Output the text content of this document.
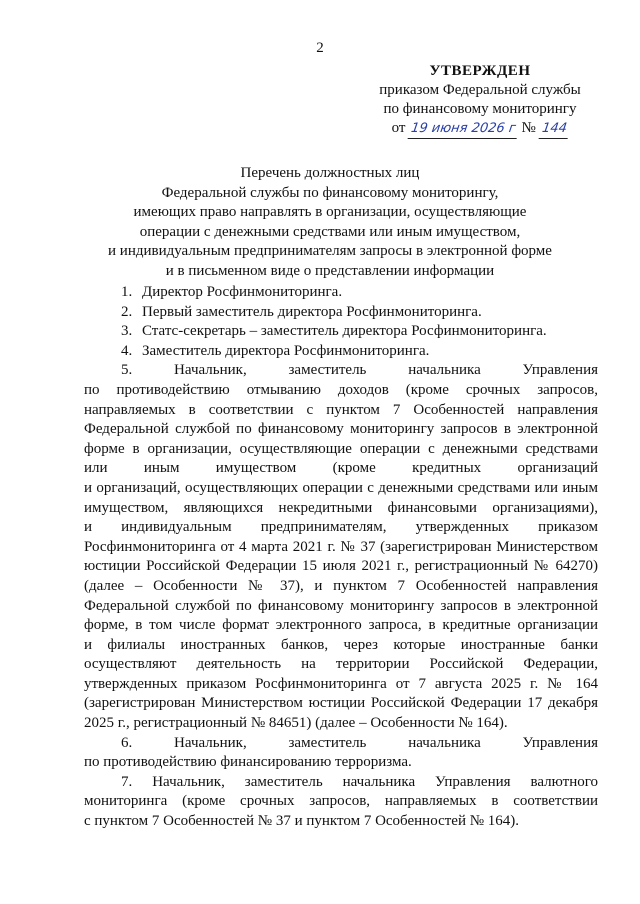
2
УТВЕРЖДЕН
приказом Федеральной службы
по финансовому мониторингу
от 19 июня 2026 г № 144
Перечень должностных лиц
Федеральной службы по финансовому мониторингу,
имеющих право направлять в организации, осуществляющие
операции с денежными средствами или иным имуществом,
и индивидуальным предпринимателям запросы в электронной форме
и в письменном виде о представлении информации
1. Директор Росфинмониторинга.
2. Первый заместитель директора Росфинмониторинга.
3. Статс-секретарь – заместитель директора Росфинмониторинга.
4. Заместитель директора Росфинмониторинга.
5. Начальник, заместитель начальника Управления
по противодействию отмыванию доходов (кроме срочных запросов,
направляемых в соответствии с пунктом 7 Особенностей направления
Федеральной службой по финансовому мониторингу запросов в электронной
форме в организации, осуществляющие операции с денежными средствами
или иным имуществом (кроме кредитных организаций
и организаций, осуществляющих операции с денежными средствами или иным
имуществом, являющихся некредитными финансовыми организациями),
и индивидуальным предпринимателям, утвержденных приказом
Росфинмониторинга от 4 марта 2021 г. № 37 (зарегистрирован Министерством
юстиции Российской Федерации 15 июля 2021 г., регистрационный № 64270)
(далее – Особенности № 37), и пунктом 7 Особенностей направления
Федеральной службой по финансовому мониторингу запросов в электронной
форме, в том числе формат электронного запроса, в кредитные организации
и филиалы иностранных банков, через которые иностранные банки
осуществляют деятельность на территории Российской Федерации,
утвержденных приказом Росфинмониторинга от 7 августа 2025 г. № 164
(зарегистрирован Министерством юстиции Российской Федерации 17 декабря
2025 г., регистрационный № 84651) (далее – Особенности № 164).
6. Начальник, заместитель начальника Управления
по противодействию финансированию терроризма.
7. Начальник, заместитель начальника Управления валютного
мониторинга (кроме срочных запросов, направляемых в соответствии
с пунктом 7 Особенностей № 37 и пунктом 7 Особенностей № 164).
